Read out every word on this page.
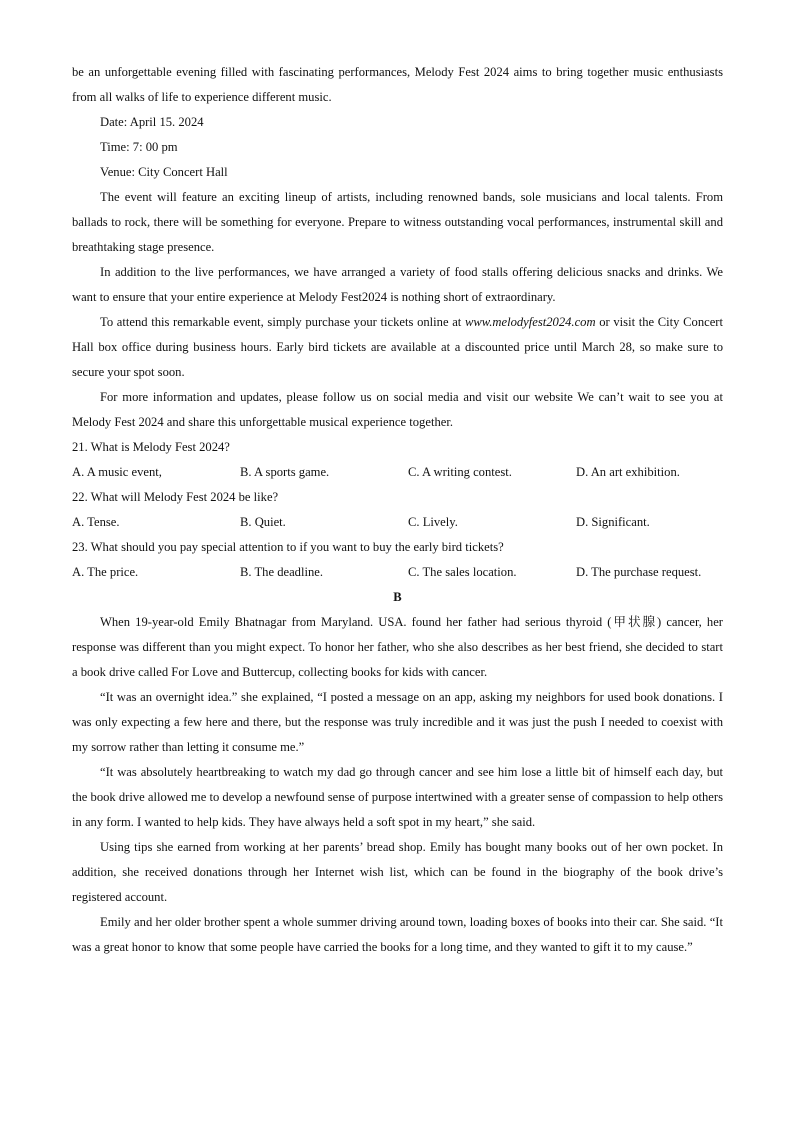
be an unforgettable evening filled with fascinating performances, Melody Fest 2024 aims to bring together music enthusiasts from all walks of life to experience different music.

Date: April 15. 2024

Time: 7: 00 pm

Venue: City Concert Hall

The event will feature an exciting lineup of artists, including renowned bands, sole musicians and local talents. From ballads to rock, there will be something for everyone. Prepare to witness outstanding vocal performances, instrumental skill and breathtaking stage presence.

In addition to the live performances, we have arranged a variety of food stalls offering delicious snacks and drinks. We want to ensure that your entire experience at Melody Fest2024 is nothing short of extraordinary.

To attend this remarkable event, simply purchase your tickets online at www.melodyfest2024.com or visit the City Concert Hall box office during business hours. Early bird tickets are available at a discounted price until March 28, so make sure to secure your spot soon.

For more information and updates, please follow us on social media and visit our website We can’t wait to see you at Melody Fest 2024 and share this unforgettable musical experience together.

21. What is Melody Fest 2024?

A. A music event,	B. A sports game.	C. A writing contest.	D. An art exhibition.

22. What will Melody Fest 2024 be like?

A. Tense.	B. Quiet.	C. Lively.	D. Significant.

23. What should you pay special attention to if you want to buy the early bird tickets?

A. The price.	B. The deadline.	C. The sales location.	D. The purchase request.

B

When 19-year-old Emily Bhatnagar from Maryland. USA. found her father had serious thyroid (甲状腺) cancer, her response was different than you might expect. To honor her father, who she also describes as her best friend, she decided to start a book drive called For Love and Buttercup, collecting books for kids with cancer.

“It was an overnight idea.” she explained, “I posted a message on an app, asking my neighbors for used book donations. I was only expecting a few here and there, but the response was truly incredible and it was just the push I needed to coexist with my sorrow rather than letting it consume me.”

“It was absolutely heartbreaking to watch my dad go through cancer and see him lose a little bit of himself each day, but the book drive allowed me to develop a newfound sense of purpose intertwined with a greater sense of compassion to help others in any form. I wanted to help kids. They have always held a soft spot in my heart,” she said.

Using tips she earned from working at her parents’ bread shop. Emily has bought many books out of her own pocket. In addition, she received donations through her Internet wish list, which can be found in the biography of the book drive’s registered account.

Emily and her older brother spent a whole summer driving around town, loading boxes of books into their car. She said. “It was a great honor to know that some people have carried the books for a long time, and they wanted to gift it to my cause.”
